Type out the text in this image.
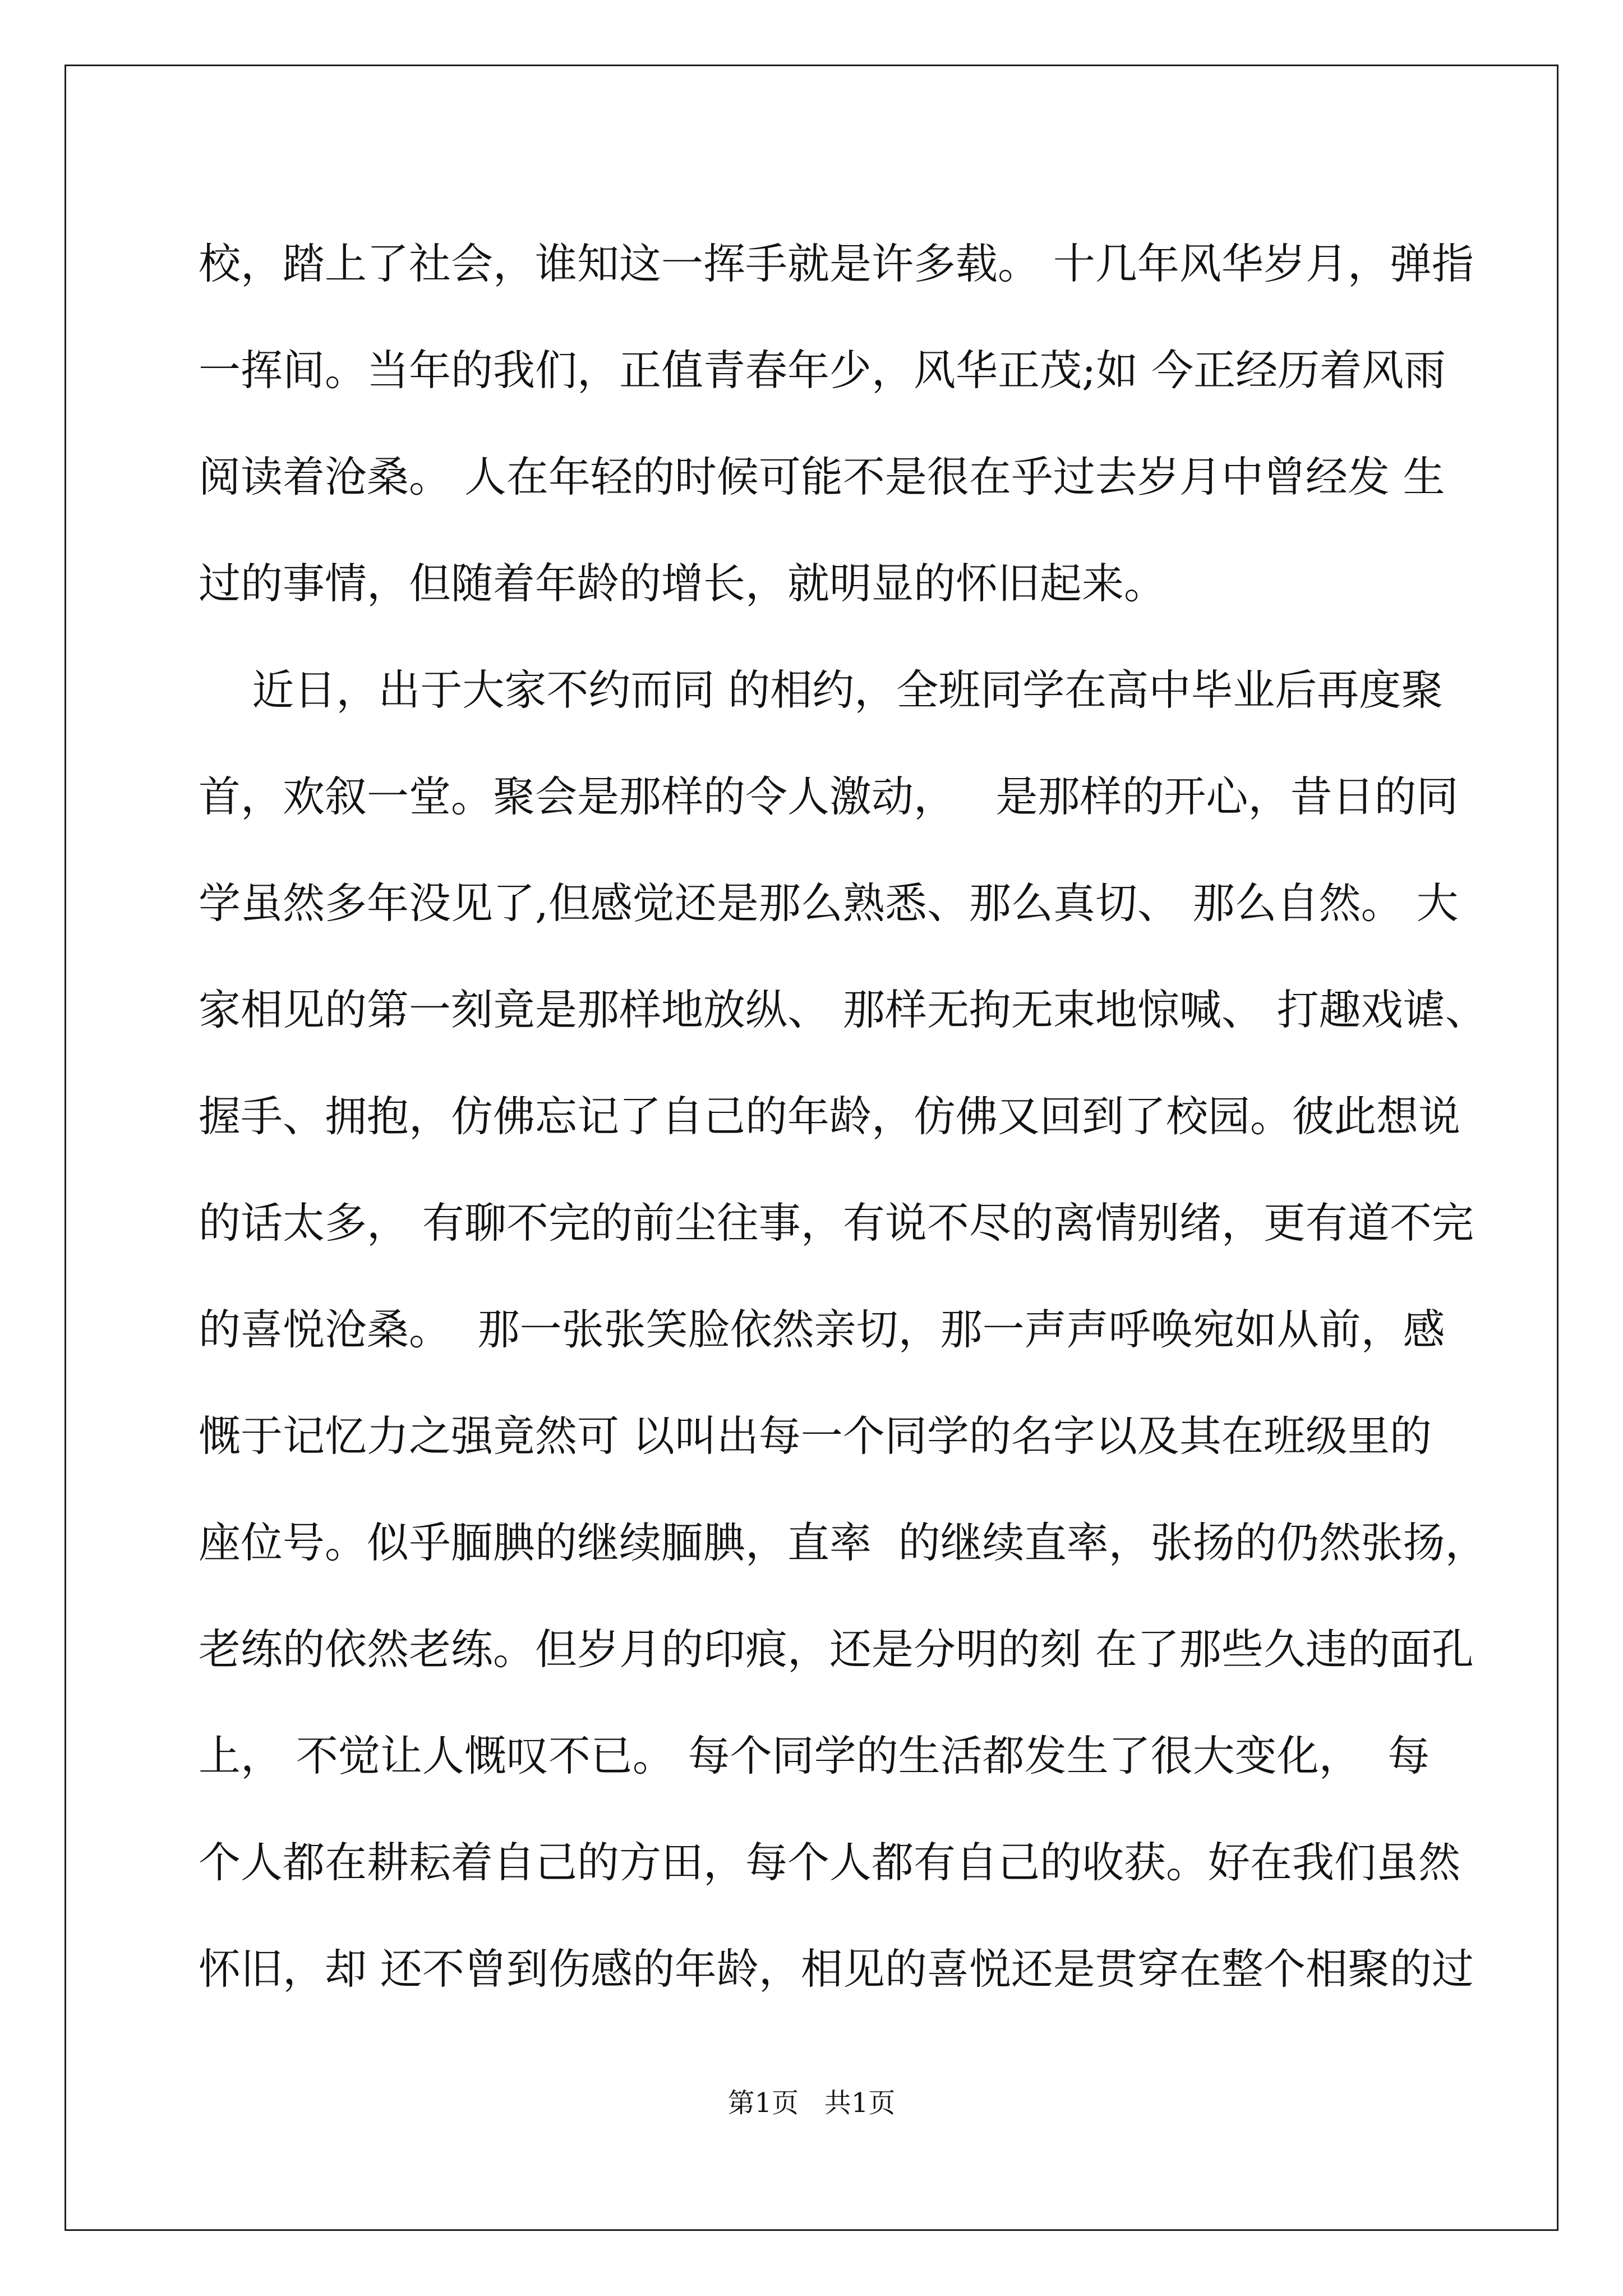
校，踏上了社会，谁知这一挥手就是许多载。 十几年风华岁月，弹指
一挥间。当年的我们，正值青春年少，风华正茂;如 今正经历着风雨
阅读着沧桑。 人在年轻的时候可能不是很在乎过去岁月中曾经发 生
过的事情，但随着年龄的增长，就明显的怀旧起来。
近日，出于大家不约而同 的相约，全班同学在高中毕业后再度聚
首，欢叙一堂。聚会是那样的令人激动，   是那样的开心，昔日的同
学虽然多年没见了,但感觉还是那么熟悉、那么真切、 那么自然。 大
家相见的第一刻竟是那样地放纵、 那样无拘无束地惊喊、 打趣戏谑、
握手、拥抱，仿佛忘记了自己的年龄，仿佛又回到了校园。彼此想说
的话太多， 有聊不完的前尘往事，有说不尽的离情别绪，更有道不完
的喜悦沧桑。  那一张张笑脸依然亲切，那一声声呼唤宛如从前，感
慨于记忆力之强竟然可 以叫出每一个同学的名字以及其在班级里的
座位号。似乎腼腆的继续腼腆，直率  的继续直率，张扬的仍然张扬，
老练的依然老练。但岁月的印痕，还是分明的刻 在了那些久违的面孔
上， 不觉让人慨叹不已。 每个同学的生活都发生了很大变化，  每
个人都在耕耘着自己的方田，每个人都有自己的收获。好在我们虽然
怀旧，却 还不曾到伤感的年龄，相见的喜悦还是贯穿在整个相聚的过
第1页   共1页
